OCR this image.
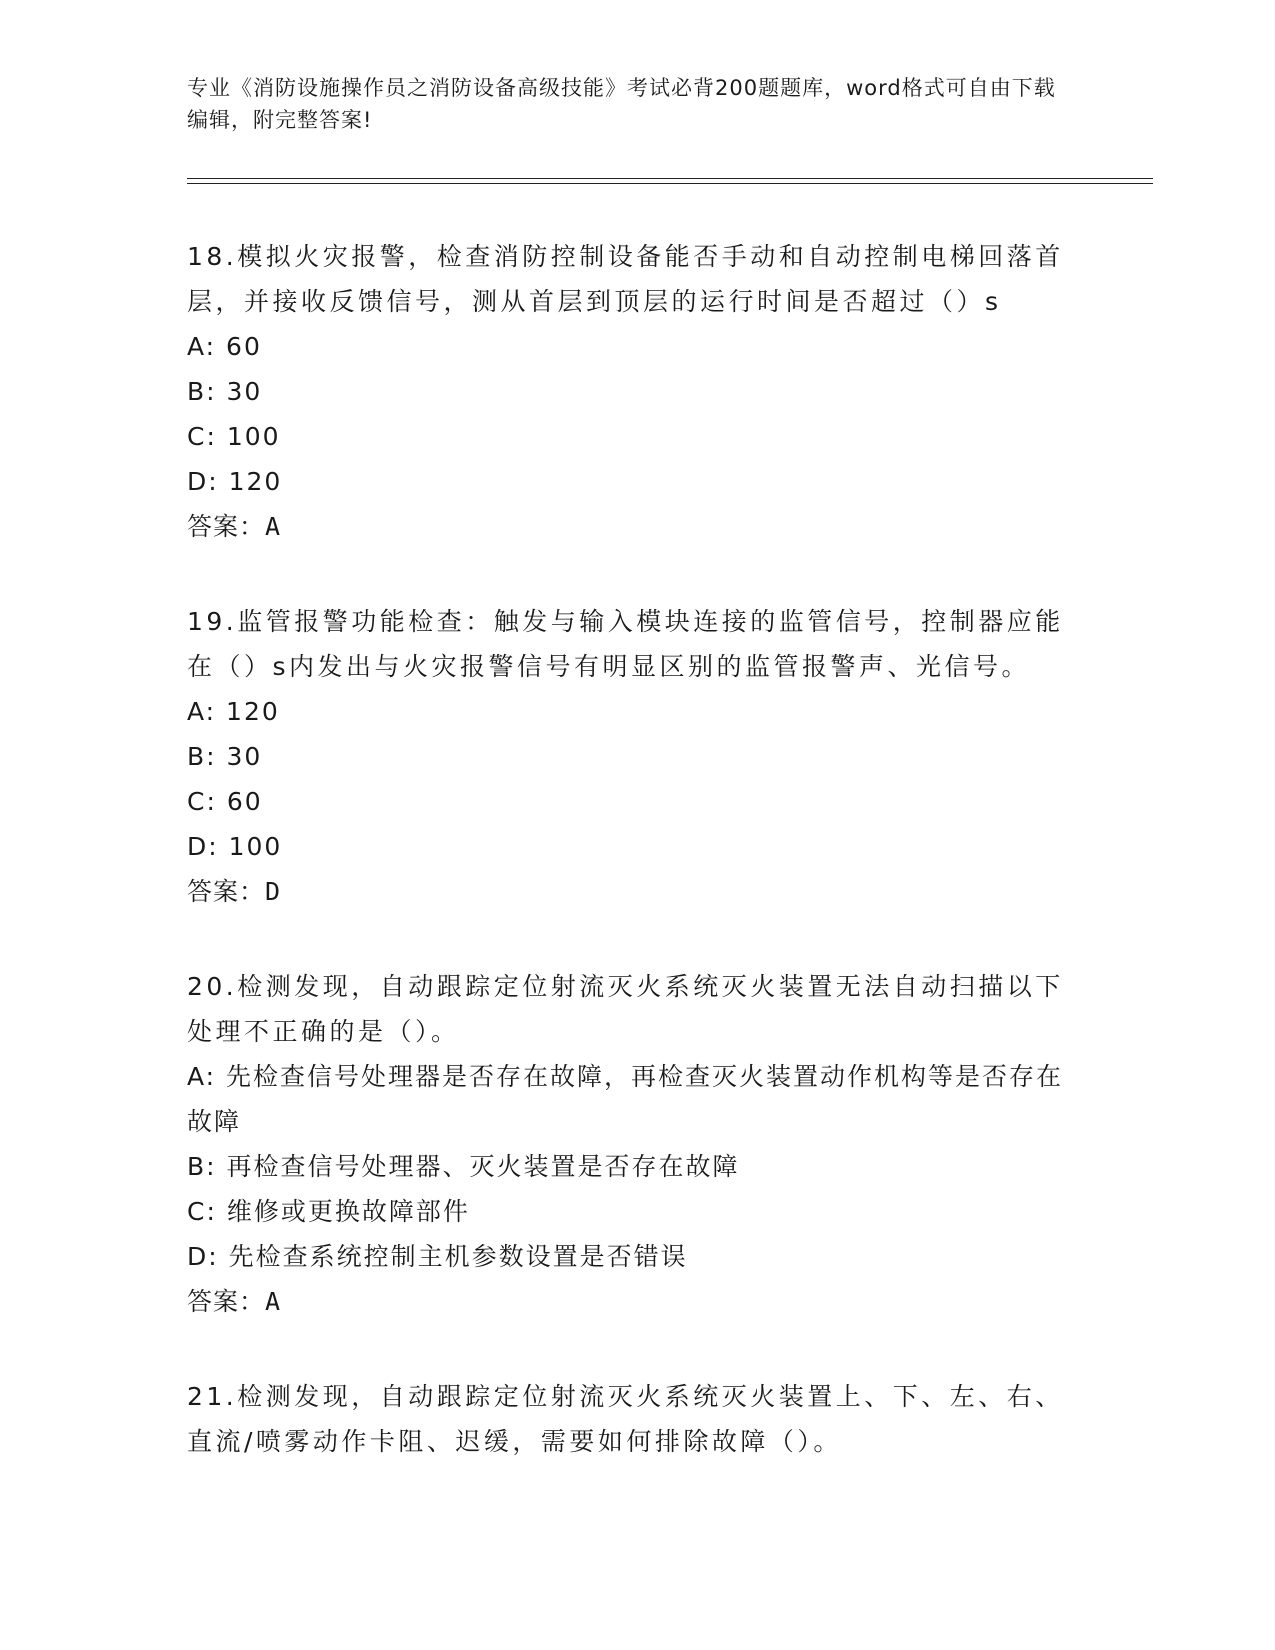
专业《消防设施操作员之消防设备高级技能》考试必背200题题库，word格式可自由下载编辑，附完整答案!
18.模拟火灾报警，检查消防控制设备能否手动和自动控制电梯回落首层，并接收反馈信号，测从首层到顶层的运行时间是否超过（）s
A: 60
B: 30
C: 100
D: 120
答案：A
19.监管报警功能检查：触发与输入模块连接的监管信号，控制器应能在（）s内发出与火灾报警信号有明显区别的监管报警声、光信号。
A: 120
B: 30
C: 60
D: 100
答案：D
20.检测发现，自动跟踪定位射流灭火系统灭火装置无法自动扫描以下处理不正确的是（）。
A: 先检查信号处理器是否存在故障，再检查灭火装置动作机构等是否存在故障
B: 再检查信号处理器、灭火装置是否存在故障
C: 维修或更换故障部件
D: 先检查系统控制主机参数设置是否错误
答案：A
21.检测发现，自动跟踪定位射流灭火系统灭火装置上、下、左、右、直流/喷雾动作卡阻、迟缓，需要如何排除故障（）。
